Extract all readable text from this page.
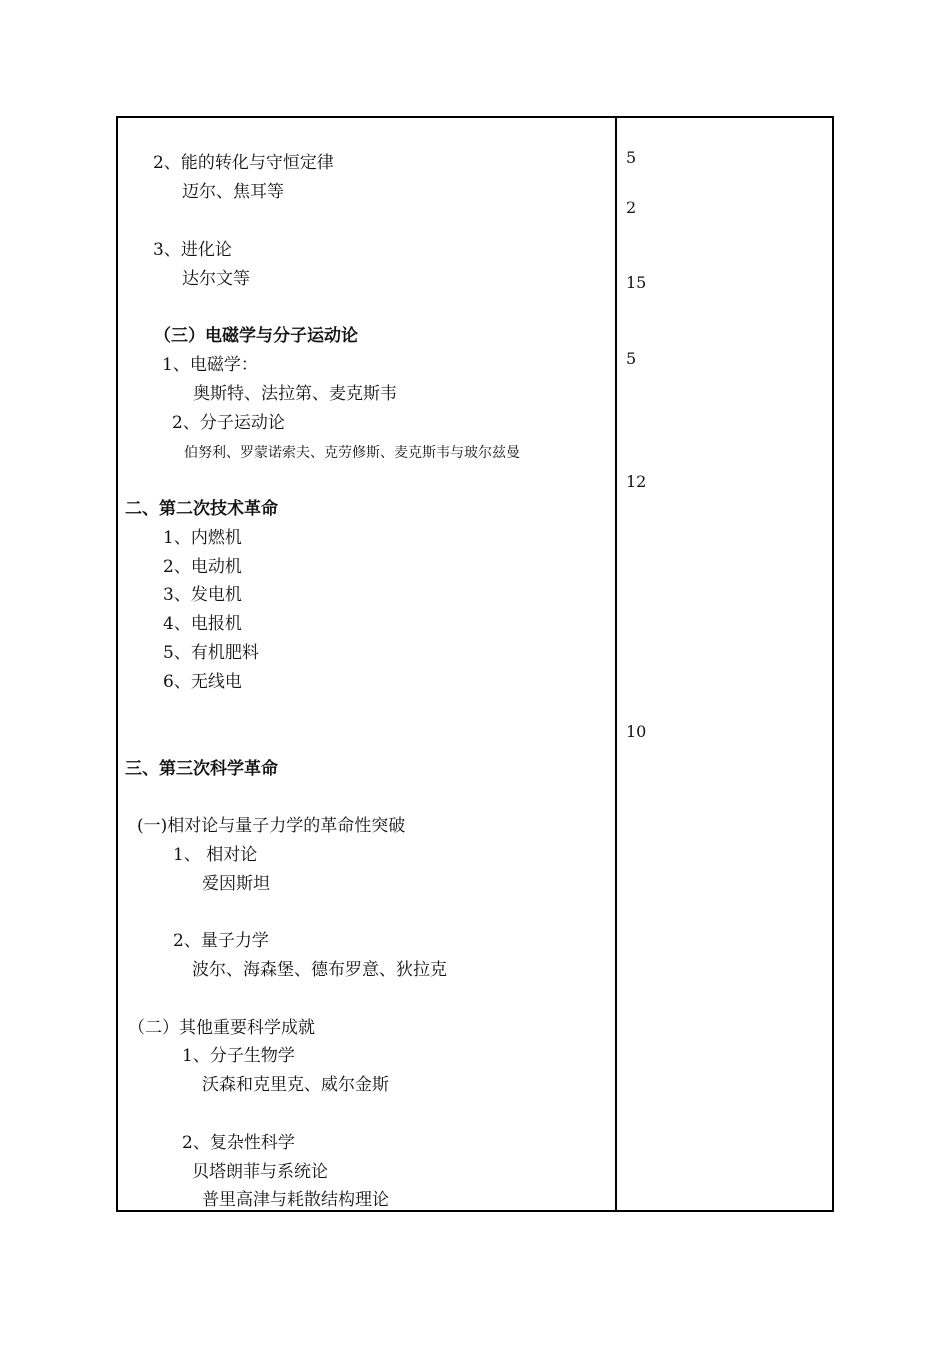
2、能的转化与守恒定律
迈尔、焦耳等
3、进化论
达尔文等
（三）电磁学与分子运动论
1、电磁学：
奥斯特、法拉第、麦克斯韦
2、分子运动论
伯努利、罗蒙诺索夫、克劳修斯、麦克斯韦与玻尔兹曼
二、第二次技术革命
1、内燃机
2、电动机
3、发电机
4、电报机
5、有机肥料
6、无线电
三、第三次科学革命
(一)相对论与量子力学的革命性突破
1、 相对论
爱因斯坦
2、量子力学
波尔、海森堡、德布罗意、狄拉克
（二）其他重要科学成就
1、分子生物学
沃森和克里克、威尔金斯
2、复杂性科学
贝塔朗菲与系统论
普里高津与耗散结构理论
5
2
15
5
12
10
